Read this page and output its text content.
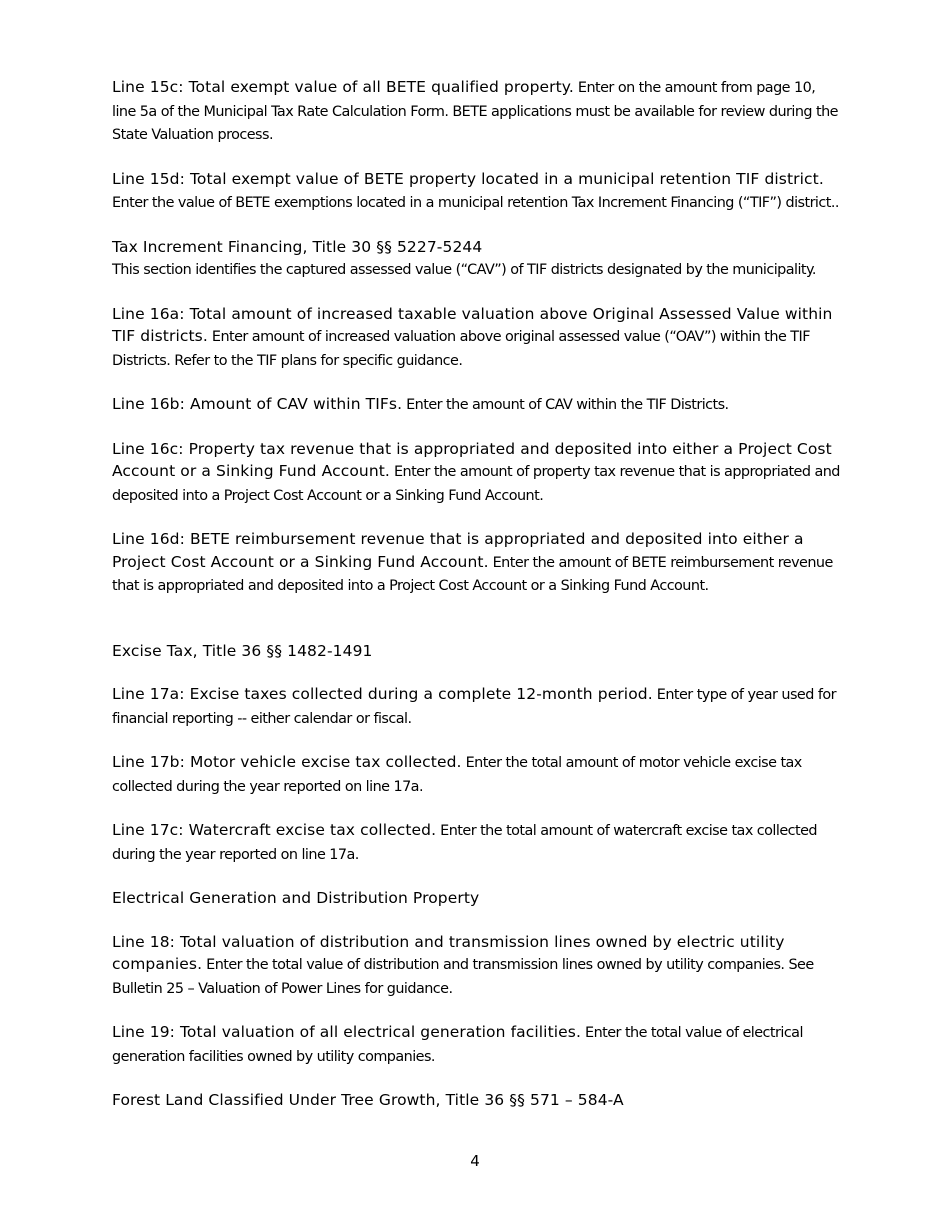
Line 15c: Total exempt value of all BETE qualified property. Enter on the amount from page 10, line 5a of the Municipal Tax Rate Calculation Form. BETE applications must be available for review during the State Valuation process.

Line 15d: Total exempt value of BETE property located in a municipal retention TIF district. Enter the value of BETE exemptions located in a municipal retention Tax Increment Financing (“TIF”) district..

Tax Increment Financing, Title 30 §§ 5227-5244
This section identifies the captured assessed value (“CAV”) of TIF districts designated by the municipality.

Line 16a: Total amount of increased taxable valuation above Original Assessed Value within TIF districts. Enter amount of increased valuation above original assessed value (“OAV”) within the TIF Districts. Refer to the TIF plans for specific guidance.

Line 16b: Amount of CAV within TIFs. Enter the amount of CAV within the TIF Districts.

Line 16c: Property tax revenue that is appropriated and deposited into either a Project Cost Account or a Sinking Fund Account. Enter the amount of property tax revenue that is appropriated and deposited into a Project Cost Account or a Sinking Fund Account.

Line 16d: BETE reimbursement revenue that is appropriated and deposited into either a Project Cost Account or a Sinking Fund Account. Enter the amount of BETE reimbursement revenue that is appropriated and deposited into a Project Cost Account or a Sinking Fund Account.

Excise Tax, Title 36 §§ 1482-1491

Line 17a: Excise taxes collected during a complete 12-month period. Enter type of year used for financial reporting -- either calendar or fiscal.

Line 17b: Motor vehicle excise tax collected. Enter the total amount of motor vehicle excise tax collected during the year reported on line 17a.

Line 17c: Watercraft excise tax collected. Enter the total amount of watercraft excise tax collected during the year reported on line 17a.

Electrical Generation and Distribution Property

Line 18: Total valuation of distribution and transmission lines owned by electric utility companies. Enter the total value of distribution and transmission lines owned by utility companies. See Bulletin 25 – Valuation of Power Lines for guidance.

Line 19: Total valuation of all electrical generation facilities. Enter the total value of electrical generation facilities owned by utility companies.

Forest Land Classified Under Tree Growth, Title 36 §§ 571 – 584-A

4
